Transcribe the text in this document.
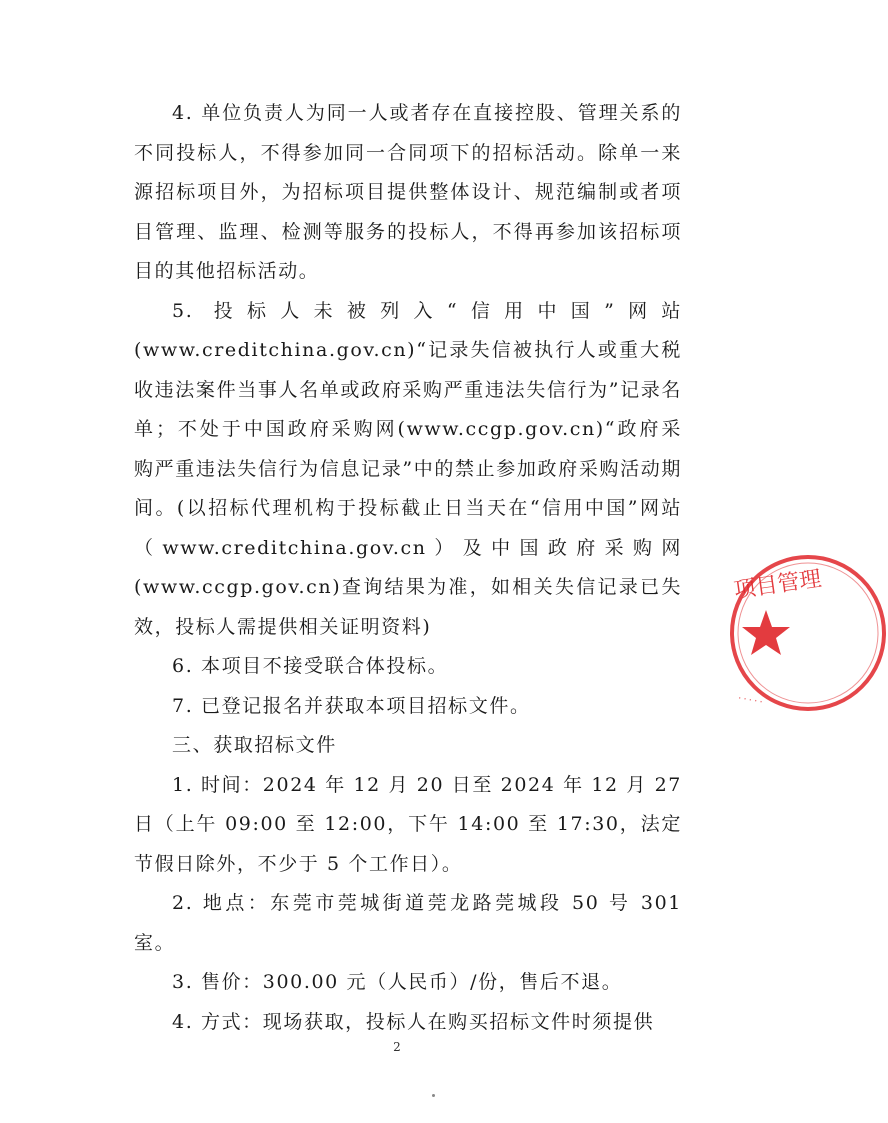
4. 单位负责人为同一人或者存在直接控股、管理关系的不同投标人，不得参加同一合同项下的招标活动。除单一来源招标项目外，为招标项目提供整体设计、规范编制或者项目管理、监理、检测等服务的投标人，不得再参加该招标项目的其他招标活动。

5. 投标人未被列入“信用中国”网站(www.creditchina.gov.cn)“记录失信被执行人或重大税收违法案件当事人名单或政府采购严重违法失信行为”记录名单；不处于中国政府采购网(www.ccgp.gov.cn)“政府采购严重违法失信行为信息记录”中的禁止参加政府采购活动期间。(以招标代理机构于投标截止日当天在“信用中国”网站（www.creditchina.gov.cn）及中国政府采购网(www.ccgp.gov.cn)查询结果为准，如相关失信记录已失效，投标人需提供相关证明资料)

6. 本项目不接受联合体投标。

7. 已登记报名并获取本项目招标文件。

三、获取招标文件

1. 时间：2024 年 12 月 20 日至 2024 年 12 月 27 日（上午 09:00 至 12:00，下午 14:00 至 17:30，法定节假日除外，不少于 5 个工作日）。

2. 地点：东莞市莞城街道莞龙路莞城段 50 号 301 室。

3. 售价：300.00 元（人民币）/份，售后不退。

4. 方式：现场获取，投标人在购买招标文件时须提供

项目管理
·····
2
